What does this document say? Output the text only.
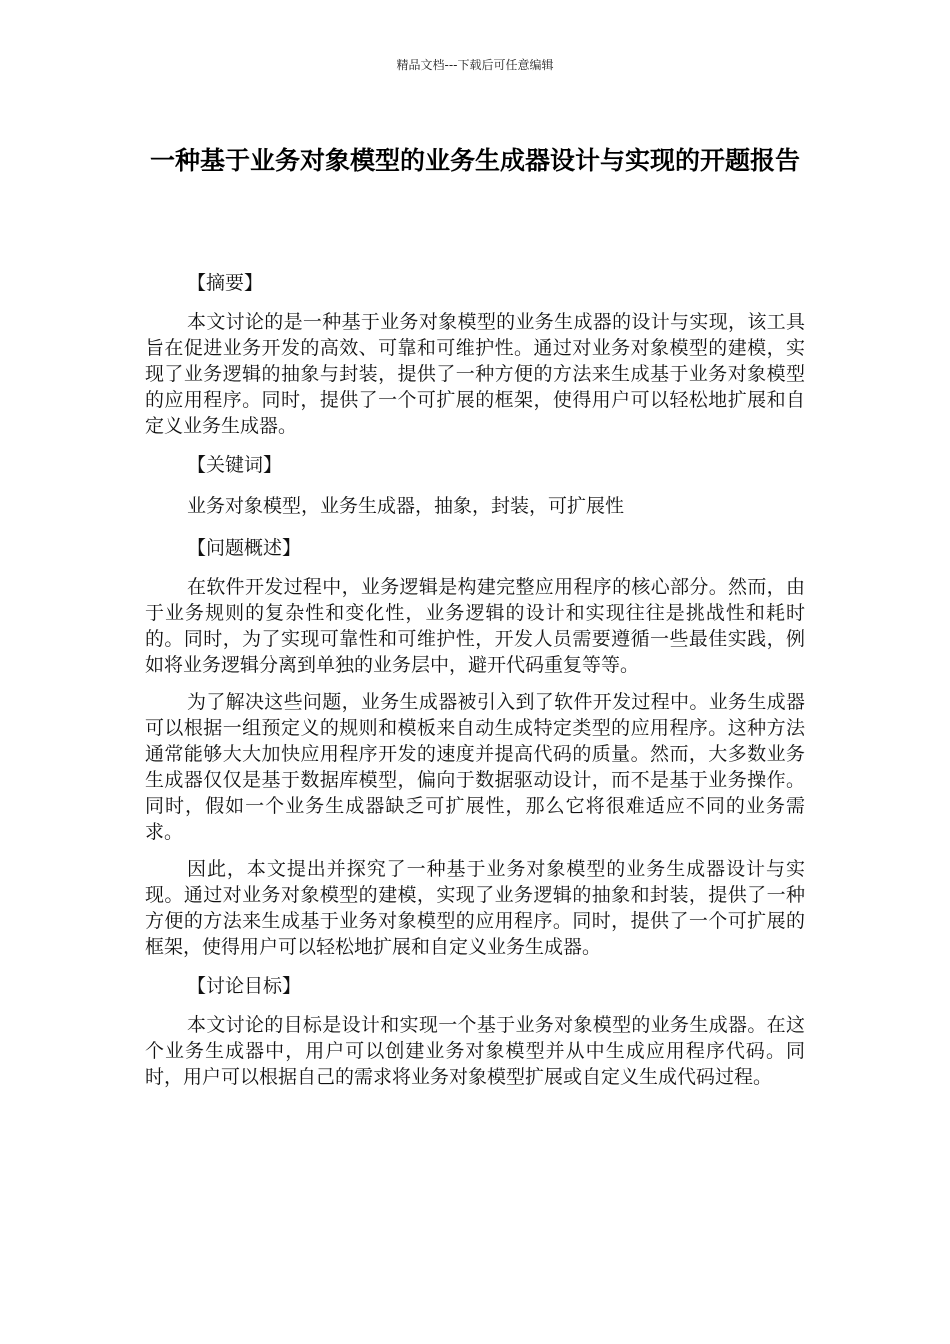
精品文档---下载后可任意编辑
一种基于业务对象模型的业务生成器设计与实现的开题报告
【摘要】

本文讨论的是一种基于业务对象模型的业务生成器的设计与实现，该工具旨在促进业务开发的高效、可靠和可维护性。通过对业务对象模型的建模，实现了业务逻辑的抽象与封装，提供了一种方便的方法来生成基于业务对象模型的应用程序。同时，提供了一个可扩展的框架，使得用户可以轻松地扩展和自定义业务生成器。

【关键词】
业务对象模型，业务生成器，抽象，封装，可扩展性
【问题概述】

在软件开发过程中，业务逻辑是构建完整应用程序的核心部分。然而，由于业务规则的复杂性和变化性，业务逻辑的设计和实现往往是挑战性和耗时的。同时，为了实现可靠性和可维护性，开发人员需要遵循一些最佳实践，例如将业务逻辑分离到单独的业务层中，避开代码重复等等。

为了解决这些问题，业务生成器被引入到了软件开发过程中。业务生成器可以根据一组预定义的规则和模板来自动生成特定类型的应用程序。这种方法通常能够大大加快应用程序开发的速度并提高代码的质量。然而，大多数业务生成器仅仅是基于数据库模型，偏向于数据驱动设计，而不是基于业务操作。同时，假如一个业务生成器缺乏可扩展性，那么它将很难适应不同的业务需求。

因此，本文提出并探究了一种基于业务对象模型的业务生成器设计与实现。通过对业务对象模型的建模，实现了业务逻辑的抽象和封装，提供了一种方便的方法来生成基于业务对象模型的应用程序。同时，提供了一个可扩展的框架，使得用户可以轻松地扩展和自定义业务生成器。

【讨论目标】

本文讨论的目标是设计和实现一个基于业务对象模型的业务生成器。在这个业务生成器中，用户可以创建业务对象模型并从中生成应用程序代码。同时，用户可以根据自己的需求将业务对象模型扩展或自定义生成代码过程。
